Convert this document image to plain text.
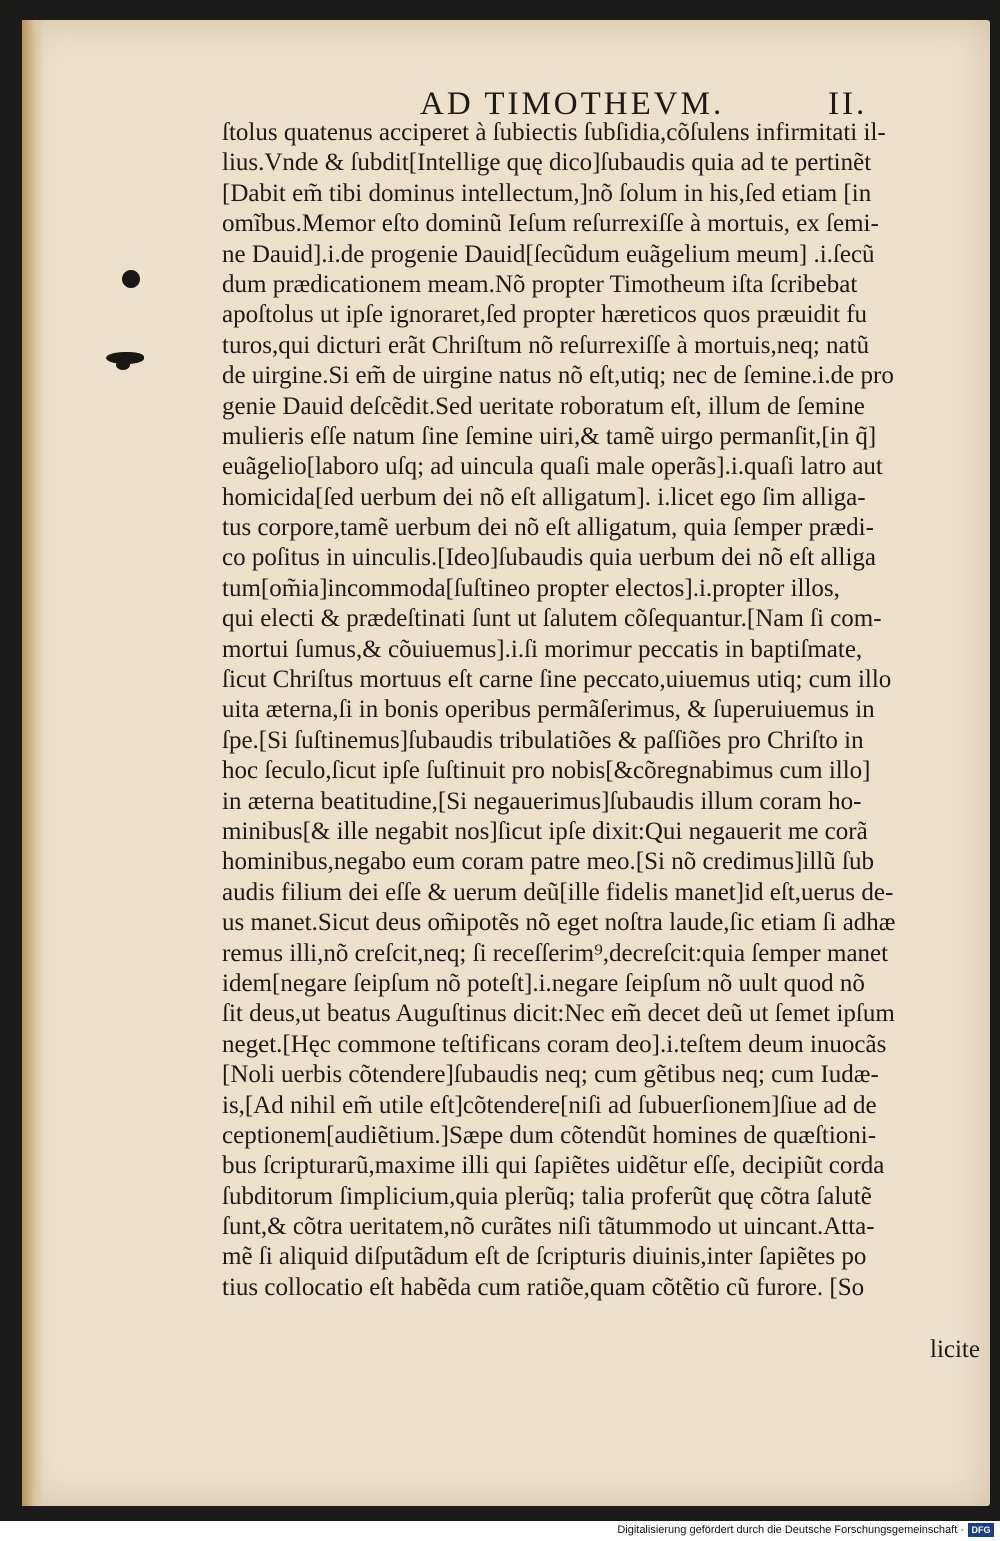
AD TIMOTHEVM.	II.
ſtolus quatenus acciperet à ſubiectis ſubſidia,cõſulens infirmitati il-
lius.Vnde & ſubdit[Intellige quę dico]ſubaudis quia ad te pertinẽt
[Dabit em̃ tibi dominus intellectum,]nõ ſolum in his,ſed etiam [in
omĩbus.Memor eſto dominũ Ieſum reſurrexiſſe à mortuis, ex ſemi-
ne Dauid].i.de progenie Dauid[ſecũdum euãgelium meum] .i.ſecũ
dum prædicationem meam.Nõ propter Timotheum iſta ſcribebat
apoſtolus ut ipſe ignoraret,ſed propter hæreticos quos præuidit fu
turos,qui dicturi erãt Chriſtum nõ reſurrexiſſe à mortuis,neq; natũ
de uirgine.Si em̃ de uirgine natus nõ eſt,utiq; nec de ſemine.i.de pro
genie Dauid deſcẽdit.Sed ueritate roboratum eſt, illum de ſemine
mulieris eſſe natum ſine ſemine uiri,& tamẽ uirgo permanſit,[in q̃]
euãgelio[laboro uſq; ad uincula quaſi male operãs].i.quaſi latro aut
homicida[ſed uerbum dei nõ eſt alligatum]. i.licet ego ſim alliga-
tus corpore,tamẽ uerbum dei nõ eſt alligatum, quia ſemper prædi-
co poſitus in uinculis.[Ideo]ſubaudis quia uerbum dei nõ eſt alliga
tum[om̃ia]incommoda[ſuſtineo propter electos].i.propter illos,
qui electi & prædeſtinati ſunt ut ſalutem cõſequantur.[Nam ſi com-
mortui ſumus,& cõuiuemus].i.ſi morimur peccatis in baptiſmate,
ſicut Chriſtus mortuus eſt carne ſine peccato,uiuemus utiq; cum illo
uita æterna,ſi in bonis operibus permãſerimus, & ſuperuiuemus in
ſpe.[Si ſuſtinemus]ſubaudis tribulatiões & paſſiões pro Chriſto in
hoc ſeculo,ſicut ipſe ſuſtinuit pro nobis[&cõregnabimus cum illo]
in æterna beatitudine,[Si negauerimus]ſubaudis illum coram ho-
minibus[& ille negabit nos]ſicut ipſe dixit:Qui negauerit me corã
hominibus,negabo eum coram patre meo.[Si nõ credimus]illũ ſub
audis filium dei eſſe & uerum deũ[ille fidelis manet]id eſt,uerus de-
us manet.Sicut deus om̃ipotẽs nõ eget noſtra laude,ſic etiam ſi adhæ
remus illi,nõ creſcit,neq; ſi receſſerim⁹,decreſcit:quia ſemper manet
idem[negare ſeipſum nõ poteſt].i.negare ſeipſum nõ uult quod nõ
ſit deus,ut beatus Auguſtinus dicit:Nec em̃ decet deũ ut ſemet ipſum
neget.[Hęc commone teſtificans coram deo].i.teſtem deum inuocãs
[Noli uerbis cõtendere]ſubaudis neq; cum gẽtibus neq; cum Iudæ-
is,[Ad nihil em̃ utile eſt]cõtendere[niſi ad ſubuerſionem]ſiue ad de
ceptionem[audiẽtium.]Sæpe dum cõtendũt homines de quæſtioni-
bus ſcripturarũ,maxime illi qui ſapiẽtes uidẽtur eſſe, decipiũt corda
ſubditorum ſimplicium,quia plerũq; talia proferũt quę cõtra ſalutẽ
ſunt,& cõtra ueritatem,nõ curãtes niſi tãtummodo ut uincant.Atta-
mẽ ſi aliquid diſputãdum eſt de ſcripturis diuinis,inter ſapiẽtes po
tius collocatio eſt habẽda cum ratiõe,quam cõtẽtio cũ furore. [So
licite
Digitalisierung gefördert durch die Deutsche Forschungsgemeinschaft · DFG
